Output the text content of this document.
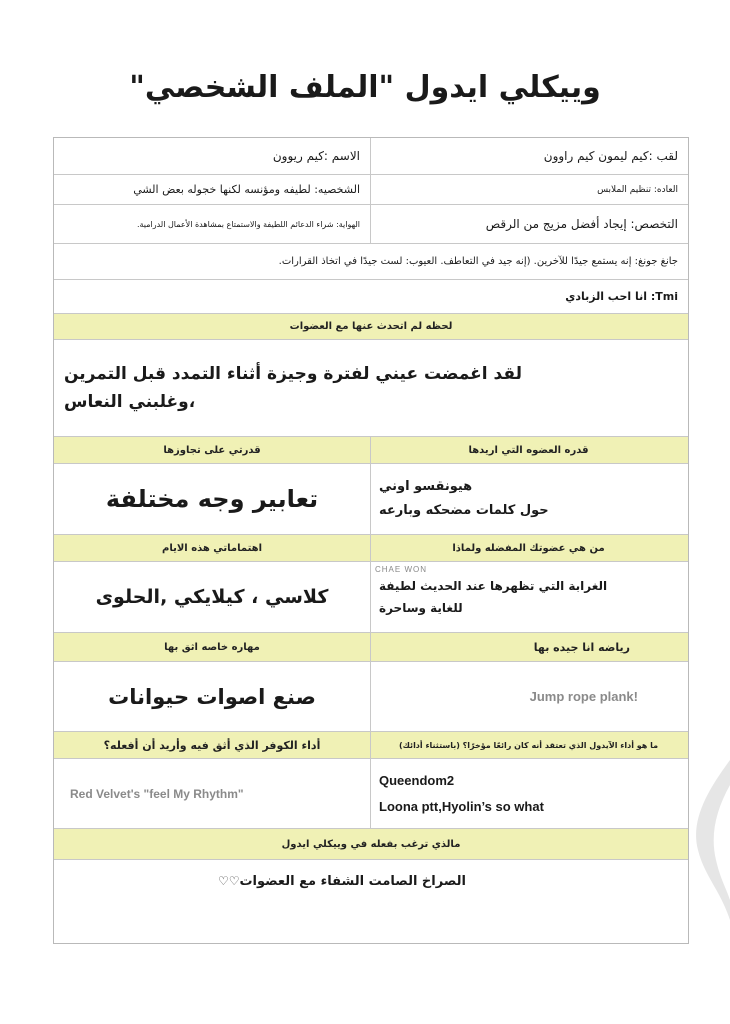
وييكلي ايدول "الملف الشخصي"
لقب :كيم ليمون كيم راوون
الاسم :كيم ريوون
العاده: تنظيم الملابس
الشخصيه: لطيفه ومؤنسه لكنها خجوله بعض الشي
التخصص: إيجاد أفضل مزيج من الرقص
الهواية: شراء الدعائم اللطيفة والاستمتاع بمشاهدة الأعمال الدرامية.
جانغ جونغ: إنه يستمع جيدًا للآخرين. (إنه جيد في التعاطف. العيوب: لست جيدًا في اتخاذ القرارات.
Tmi: انا احب الزبادي
لحظه لم اتحدث عنها مع العضوات
لقد اغمضت عيني لفترة وجيزة أثناء التمدد قبل التمرين
،وغلبني النعاس
قدره العضوه التي اريدها
قدرتي على تجاوزها
هيونقسو اوني
حول كلمات مضحكه وبارعه
تعابير وجه مختلفة
من هي عضوتك المفضله ولماذا
اهتماماتي هذه الايام
CHAE WON
الغرابة التي تظهرها عند الحديث لطيفة
للغاية وساحرة
كلاسي ، كيلايكي ,الحلوى
رياضه انا جيده بها
مهاره خاصه اثق بها
Jump rope plank!
صنع اصوات حيوانات
ما هو أداء الآيدول الذي تعتقد أنه كان رائعًا مؤخرًا؟ (باستثناء أدائك)
أداء الكوفر الذي أثق فيه وأريد أن أفعله؟
Queendom2
Loona ptt,Hyolin’s so what
Red Velvet's "feel My Rhythm"
مالذي ترغب بفعله في وييكلي ايدول
الصراخ الصامت الشفاء مع العضوات
♡♡
